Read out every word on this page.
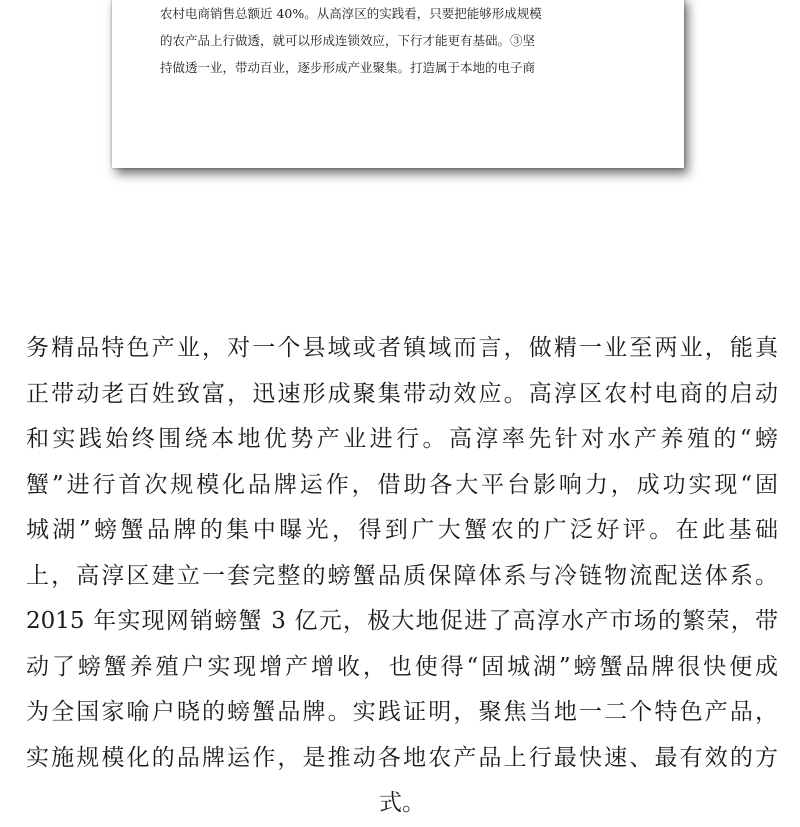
农村电商销售总额近 40%。从高淳区的实践看，只要把能够形成规模
的农产品上行做透，就可以形成连锁效应，下行才能更有基础。③坚
持做透一业，带动百业，逐步形成产业聚集。打造属于本地的电子商
务精品特色产业，对一个县域或者镇域而言，做精一业至两业，能真
正带动老百姓致富，迅速形成聚集带动效应。高淳区农村电商的启动
和实践始终围绕本地优势产业进行。高淳率先针对水产养殖的“螃
蟹”进行首次规模化品牌运作，借助各大平台影响力，成功实现“固
城湖”螃蟹品牌的集中曝光，得到广大蟹农的广泛好评。在此基础
上，高淳区建立一套完整的螃蟹品质保障体系与冷链物流配送体系。
2015 年实现网销螃蟹 3 亿元，极大地促进了高淳水产市场的繁荣，带
动了螃蟹养殖户实现增产增收，也使得“固城湖”螃蟹品牌很快便成
为全国家喻户晓的螃蟹品牌。实践证明，聚焦当地一二个特色产品，
实施规模化的品牌运作，是推动各地农产品上行最快速、最有效的方
式。
